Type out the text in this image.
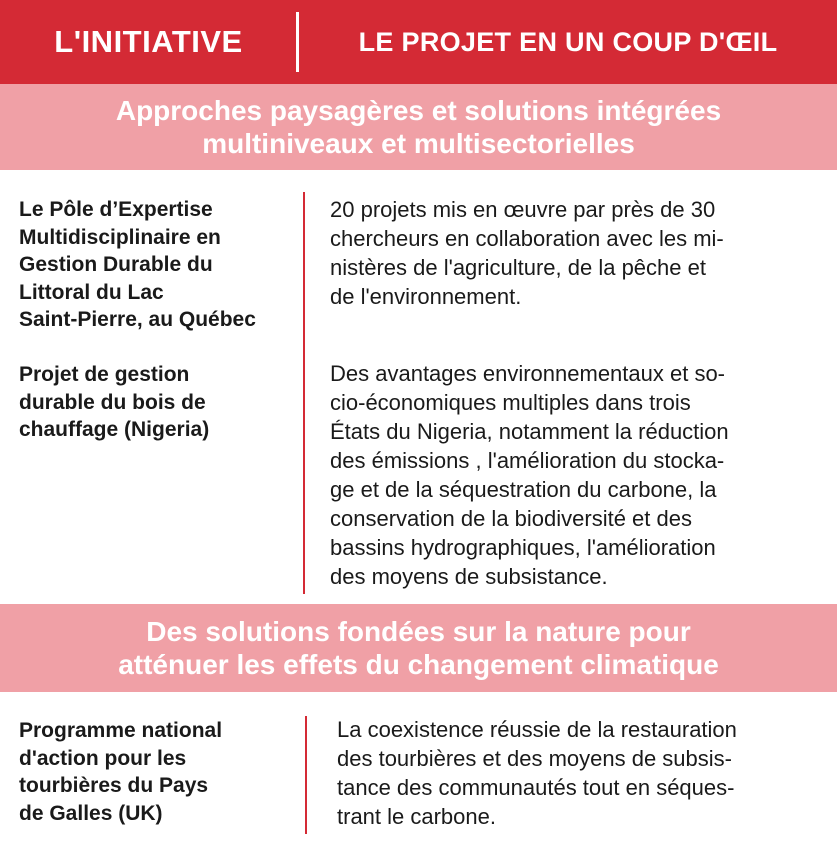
L'INITIATIVE	LE PROJET EN UN COUP D'ŒIL
Approches paysagères et solutions intégrées
multiniveaux et multisectorielles
Le Pôle d’Expertise
Multidisciplinaire en
Gestion Durable du
Littoral du Lac
Saint-Pierre, au Québec
20 projets mis en œuvre par près de 30
chercheurs en collaboration avec les mi-
nistères de l'agriculture, de la pêche et
de l'environnement.
Projet de gestion
durable du bois de
chauffage (Nigeria)
Des avantages environnementaux et so-
cio-économiques multiples dans trois
États du Nigeria, notamment la réduction
des émissions , l'amélioration du stocka-
ge et de la séquestration du carbone, la
conservation de la biodiversité et des
bassins hydrographiques, l'amélioration
des moyens de subsistance.
Des solutions fondées sur la nature pour
atténuer les effets du changement climatique
Programme national
d'action pour les
tourbières du Pays
de Galles (UK)
La coexistence réussie de la restauration
des tourbières et des moyens de subsis-
tance des communautés tout en séques-
trant le carbone.
